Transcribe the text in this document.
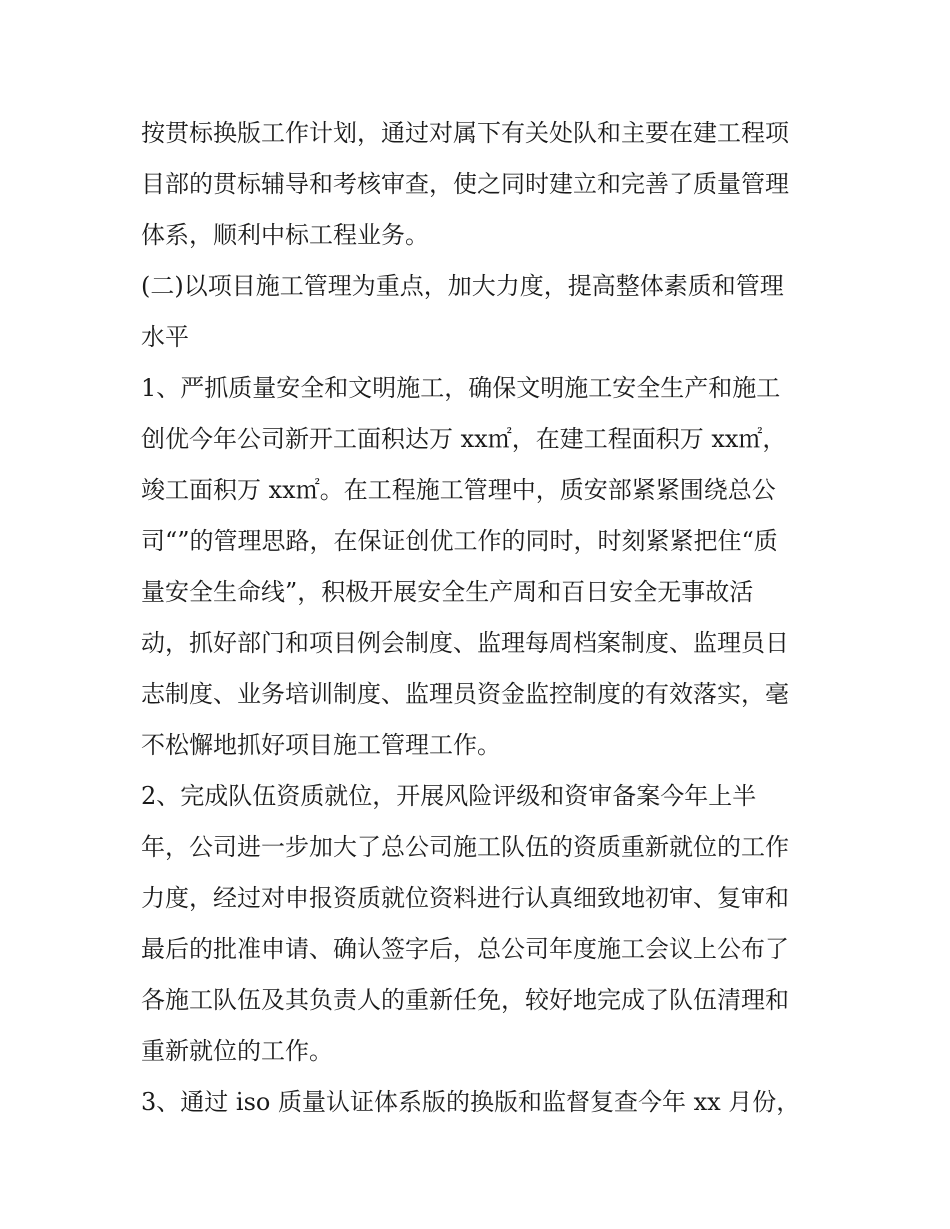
按贯标换版工作计划，通过对属下有关处队和主要在建工程项
目部的贯标辅导和考核审查，使之同时建立和完善了质量管理
体系，顺利中标工程业务。
(二)以项目施工管理为重点，加大力度，提高整体素质和管理
水平
1、严抓质量安全和文明施工，确保文明施工安全生产和施工
创优今年公司新开工面积达万 xx㎡，在建工程面积万 xx㎡，
竣工面积万 xx㎡。在工程施工管理中，质安部紧紧围绕总公
司“”的管理思路，在保证创优工作的同时，时刻紧紧把住“质
量安全生命线”，积极开展安全生产周和百日安全无事故活
动，抓好部门和项目例会制度、监理每周档案制度、监理员日
志制度、业务培训制度、监理员资金监控制度的有效落实，毫
不松懈地抓好项目施工管理工作。
2、完成队伍资质就位，开展风险评级和资审备案今年上半
年，公司进一步加大了总公司施工队伍的资质重新就位的工作
力度，经过对申报资质就位资料进行认真细致地初审、复审和
最后的批准申请、确认签字后，总公司年度施工会议上公布了
各施工队伍及其负责人的重新任免，较好地完成了队伍清理和
重新就位的工作。
3、通过 iso 质量认证体系版的换版和监督复查今年 xx 月份，
